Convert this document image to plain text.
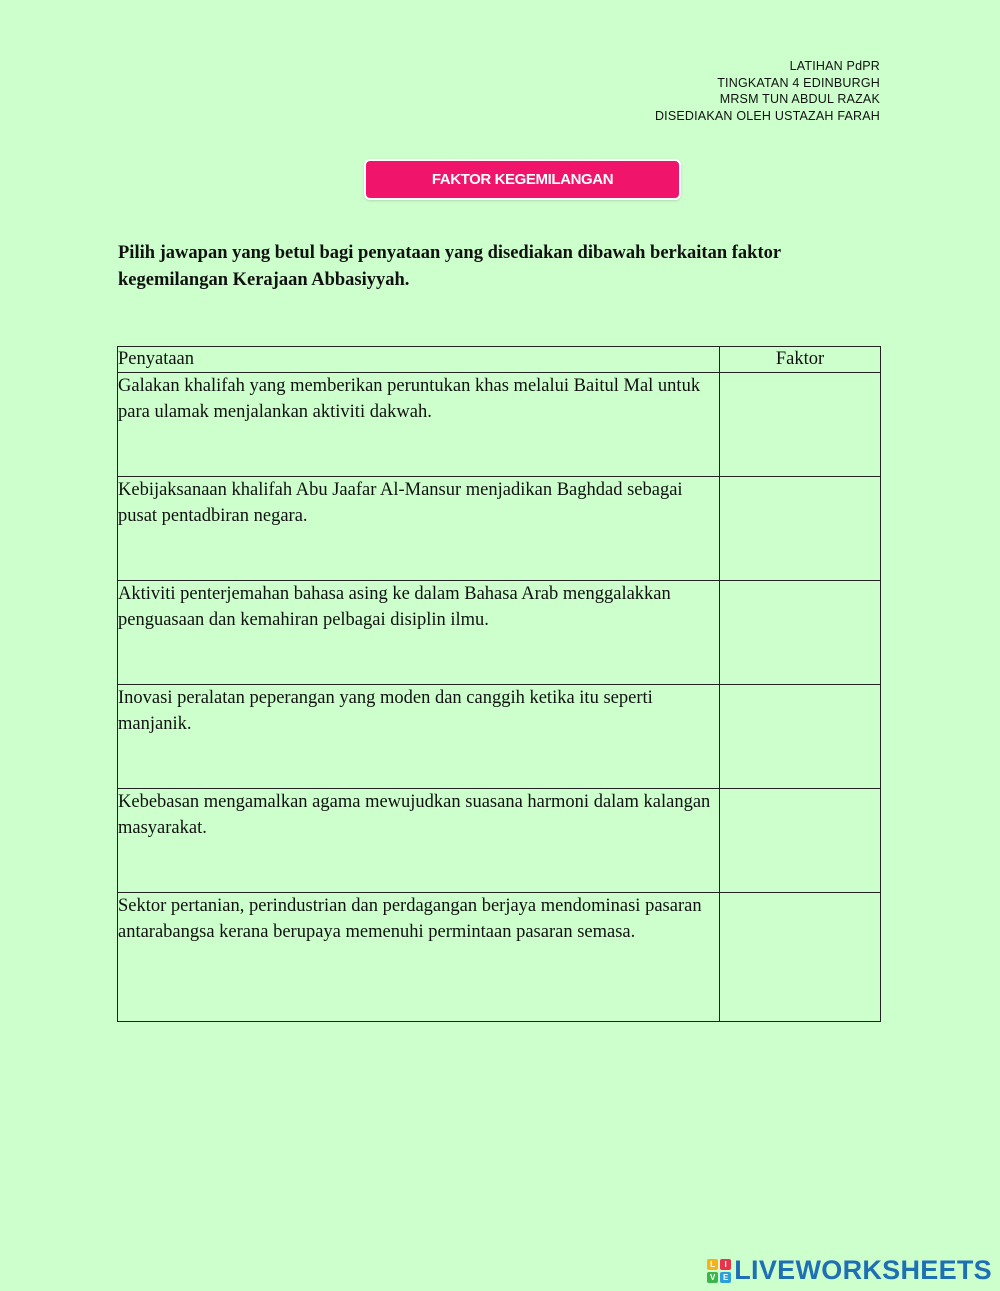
LATIHAN PdPR
TINGKATAN 4 EDINBURGH
MRSM TUN ABDUL RAZAK
DISEDIAKAN OLEH USTAZAH FARAH
FAKTOR KEGEMILANGAN
Pilih jawapan yang betul bagi penyataan yang disediakan dibawah berkaitan faktor kegemilangan Kerajaan Abbasiyyah.
Penyataan	Faktor
Galakan khalifah yang memberikan peruntukan khas melalui Baitul Mal untuk para ulamak menjalankan aktiviti dakwah.	

Kebijaksanaan khalifah Abu Jaafar Al-Mansur menjadikan Baghdad sebagai pusat pentadbiran negara.	

Aktiviti penterjemahan bahasa asing ke dalam Bahasa Arab menggalakkan penguasaan dan kemahiran pelbagai disiplin ilmu.	

Inovasi peralatan peperangan yang moden dan canggih ketika itu seperti manjanik.	

Kebebasan mengamalkan agama mewujudkan suasana harmoni dalam kalangan masyarakat.	

Sektor pertanian, perindustrian dan perdagangan berjaya mendominasi pasaran antarabangsa kerana berupaya memenuhi permintaan pasaran semasa.	
L	I
V E LIVEWORKSHEETS
